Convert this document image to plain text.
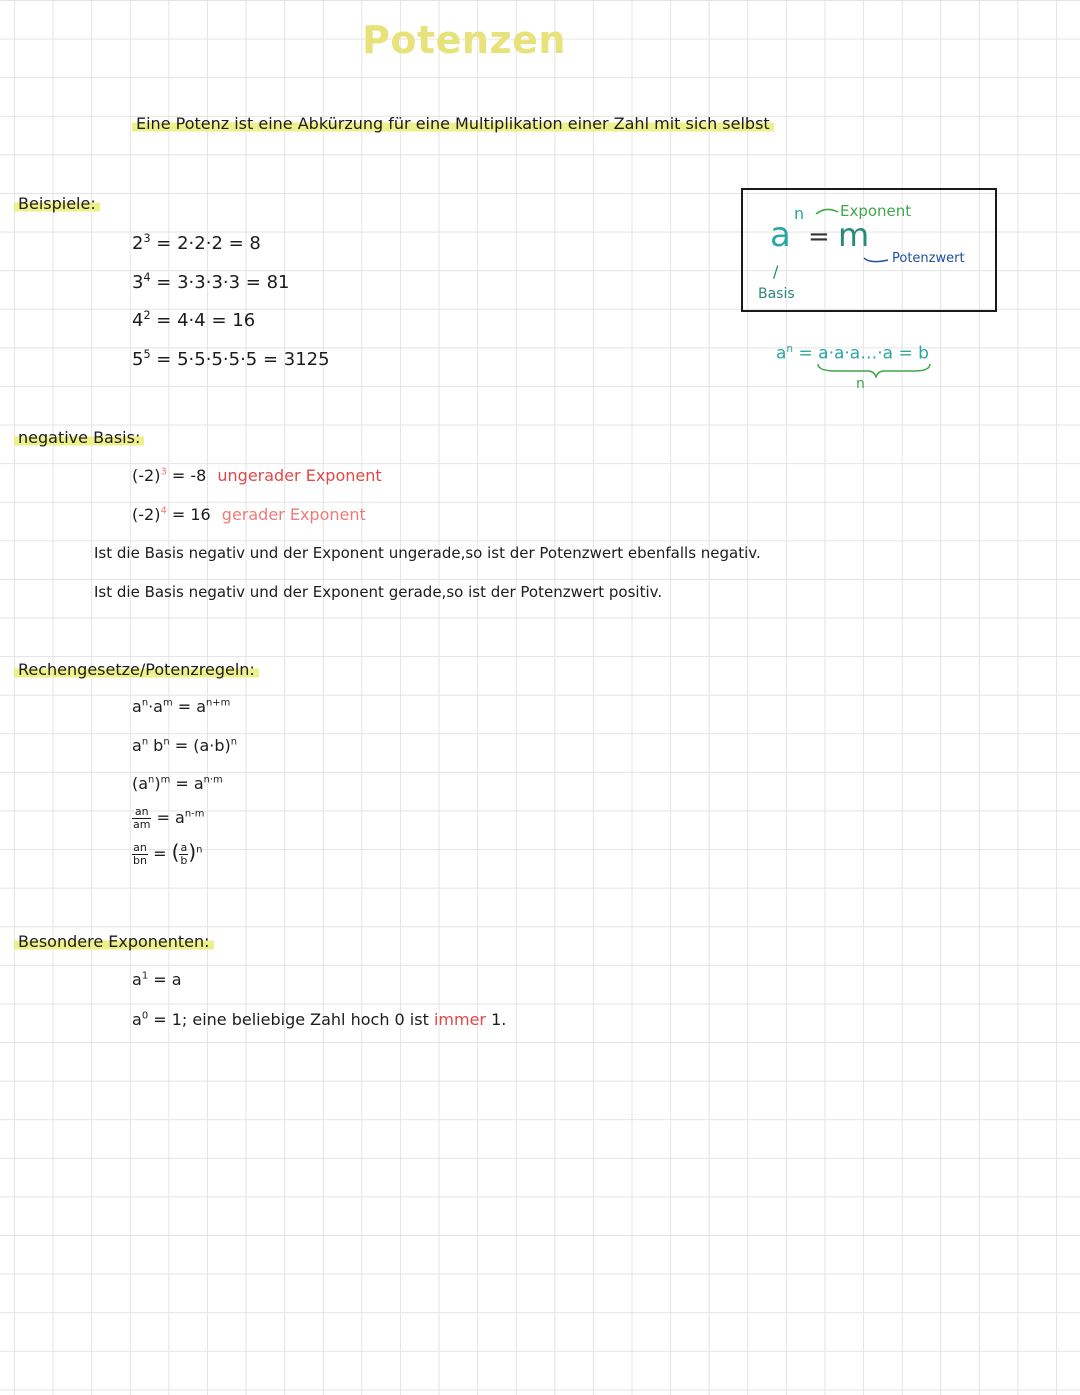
Potenzen
Eine Potenz ist eine Abkürzung für eine Multiplikation einer Zahl mit sich selbst
Beispiele:
$2^3 = 2\cdot 2\cdot 2 = 8$
$3^4 = 3\cdot 3\cdot 3\cdot 3 = 81$
$4^2 = 4\cdot 4 = 16$
$5^5 = 5\cdot 5\cdot 5\cdot 5\cdot 5 = 3125$
a
n
= m
Exponent
Potenzwert
/
Basis
$a^n$ = a·a·a…·a = b
n
negative Basis:
$(-2)^3 = -8$ ungerader Exponent
$(-2)^4 = 16$ gerader Exponent
Ist die Basis negativ und der Exponent ungerade,so ist der Potenzwert ebenfalls negativ.
Ist die Basis negativ und der Exponent gerade,so ist der Potenzwert positiv.
Rechengesetze/Potenzregeln:
$a^n\cdot a^m = a^{n+m}$
$a^n$ $b^n = (a\cdot b)^n$
$(a^n)^m = a^{n\cdot m}$
$\frac{an}{am} = a^{n-m}$
$\frac{an}{bn}$ = ( $\frac{a}{b} )^n$
Besondere Exponenten:
$a^1 = a$
$a^0 = 1$; eine beliebige Zahl hoch 0 ist immer 1.
